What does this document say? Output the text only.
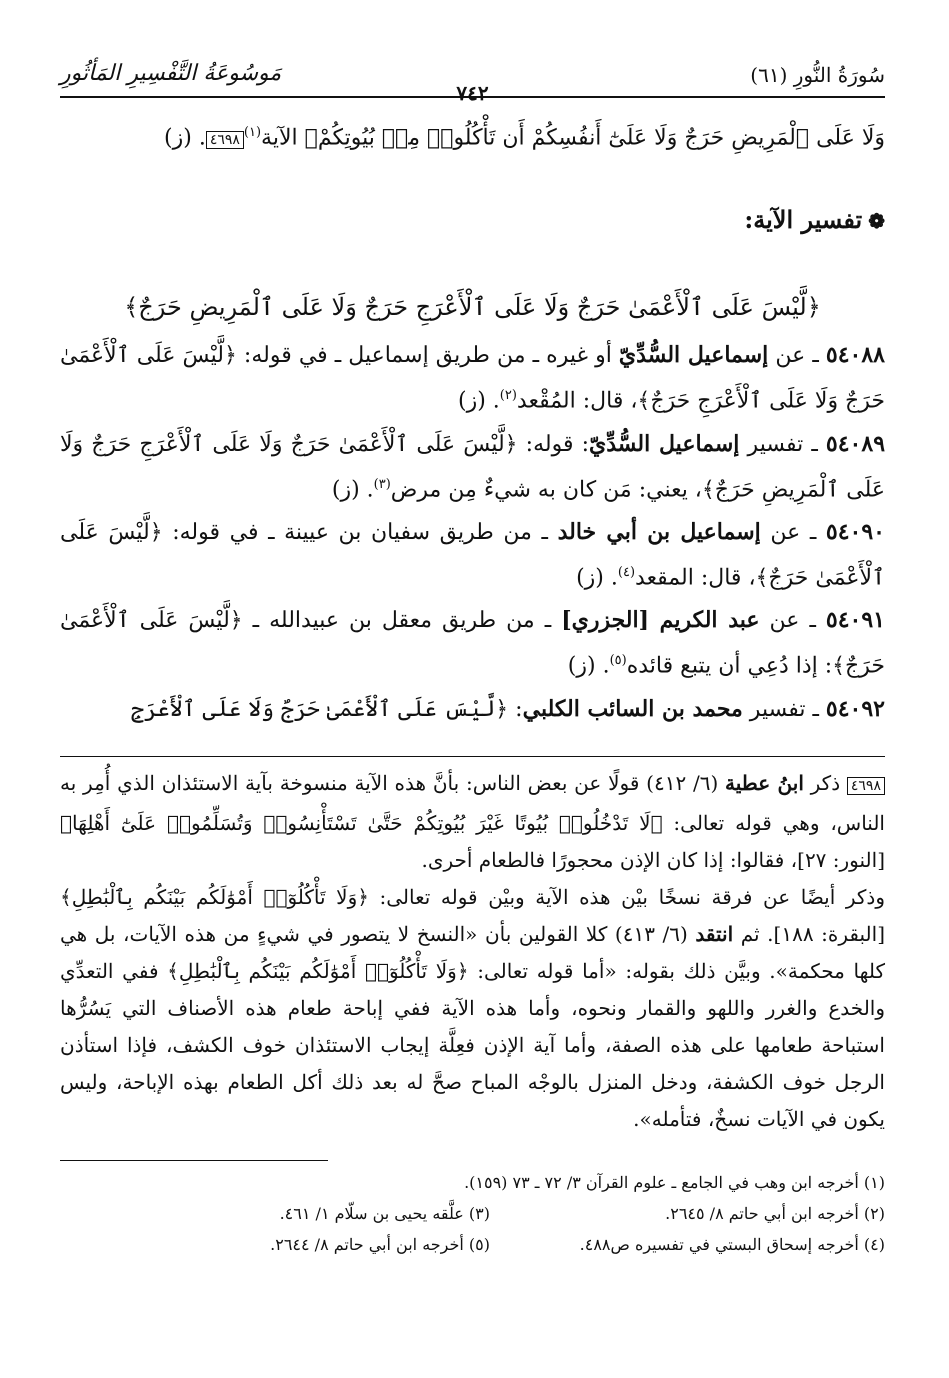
سُورَةُ النُّورِ (٦١)
٧٤٢
مَوسُوعَةُ التَّفْسِيرِ المَأثُورِ

وَلَا عَلَى ٱلْمَرِيضِ حَرَجٌ وَلَا عَلَىٰٓ أَنفُسِكُمْ أَن تَأْكُلُوا۟ مِنۢ بُيُوتِكُمْ﴾ الآية$^{(١)}$٤٦٩٨. (ز)

❁تفسير الآية:

﴿لَّيْسَ عَلَى ٱلْأَعْمَىٰ حَرَجٌ وَلَا عَلَى ٱلْأَعْرَجِ حَرَجٌ وَلَا عَلَى ٱلْمَرِيضِ حَرَجٌ﴾

٥٤٠٨٨ ـ عن إسماعيل السُّدِّيّ أو غيره ـ من طريق إسماعيل ـ في قوله: ﴿لَّيْسَ عَلَى ٱلْأَعْمَىٰ حَرَجٌ وَلَا عَلَى ٱلْأَعْرَجِ حَرَجٌ﴾، قال: المُقْعد$^{(٢)}$. (ز)

٥٤٠٨٩ ـ تفسير إسماعيل السُّدِّيّ: قوله: ﴿لَّيْسَ عَلَى ٱلْأَعْمَىٰ حَرَجٌ وَلَا عَلَى ٱلْأَعْرَجِ حَرَجٌ وَلَا عَلَى ٱلْمَرِيضِ حَرَجٌ﴾، يعني: مَن كان به شيءٌ مِن مرض$^{(٣)}$. (ز)

٥٤٠٩٠ ـ عن إسماعيل بن أبي خالد ـ من طريق سفيان بن عيينة ـ في قوله: ﴿لَّيْسَ عَلَى ٱلْأَعْمَىٰ حَرَجٌ﴾، قال: المقعد$^{(٤)}$. (ز)

٥٤٠٩١ ـ عن عبد الكريم [الجزري] ـ من طريق معقل بن عبيدالله ـ ﴿لَّيْسَ عَلَى ٱلْأَعْمَىٰ حَرَجٌ﴾: إذا دُعِي أن يتبع قائده$^{(٥)}$. (ز)

٥٤٠٩٢ ـ تفسير محمد بن السائب الكلبي: ﴿لَّيْسَ عَلَى ٱلْأَعْمَىٰ حَرَجٌ وَلَا عَلَى ٱلْأَعْرَجِ

٤٦٩٨ ذكر ابنُ عطية (٦/ ٤١٢) قولًا عن بعض الناس: بأنَّ هذه الآية منسوخة بآية الاستئذان الذي أُمِر به الناس، وهي قوله تعالى: ﴿لَا تَدْخُلُوا۟ بُيُوتًا غَيْرَ بُيُوتِكُمْ حَتَّىٰ تَسْتَأْنِسُوا۟ وَتُسَلِّمُوا۟ عَلَىٰٓ أَهْلِهَا﴾ [النور: ٢٧]، فقالوا: إذا كان الإذن محجورًا فالطعام أحرى.

وذكر أيضًا عن فرقة نسخًا بيْن هذه الآية وبيْن قوله تعالى: ﴿وَلَا تَأْكُلُوٓا۟ أَمْوَٰلَكُم بَيْنَكُم بِٱلْبَٰطِلِ﴾ [البقرة: ١٨٨]. ثم انتقد (٦/ ٤١٣) كلا القولين بأن «النسخ لا يتصور في شيءٍ من هذه الآيات، بل هي كلها محكمة». وبيَّن ذلك بقوله: «أما قوله تعالى: ﴿وَلَا تَأْكُلُوٓا۟ أَمْوَٰلَكُم بَيْنَكُم بِٱلْبَٰطِلِ﴾ ففي التعدِّي والخدع والغرر واللهو والقمار ونحوه، وأما هذه الآية ففي إباحة طعام هذه الأصناف التي يَسُرُّها استباحة طعامها على هذه الصفة، وأما آية الإذن فعِلَّة إيجاب الاستئذان خوف الكشف، فإذا استأذن الرجل خوف الكشفة، ودخل المنزل بالوجْه المباح صحَّ له بعد ذلك أكل الطعام بهذه الإباحة، وليس يكون في الآيات نسخٌ، فتأمله».

(١) أخرجه ابن وهب في الجامع ـ علوم القرآن ٣/ ٧٢ ـ ٧٣ (١٥٩).
(٢) أخرجه ابن أبي حاتم ٨/ ٢٦٤٥.
(٣) علَّقه يحيى بن سلّام ١/ ٤٦١.
(٤) أخرجه إسحاق البستي في تفسيره ص٤٨٨.
(٥) أخرجه ابن أبي حاتم ٨/ ٢٦٤٤.
